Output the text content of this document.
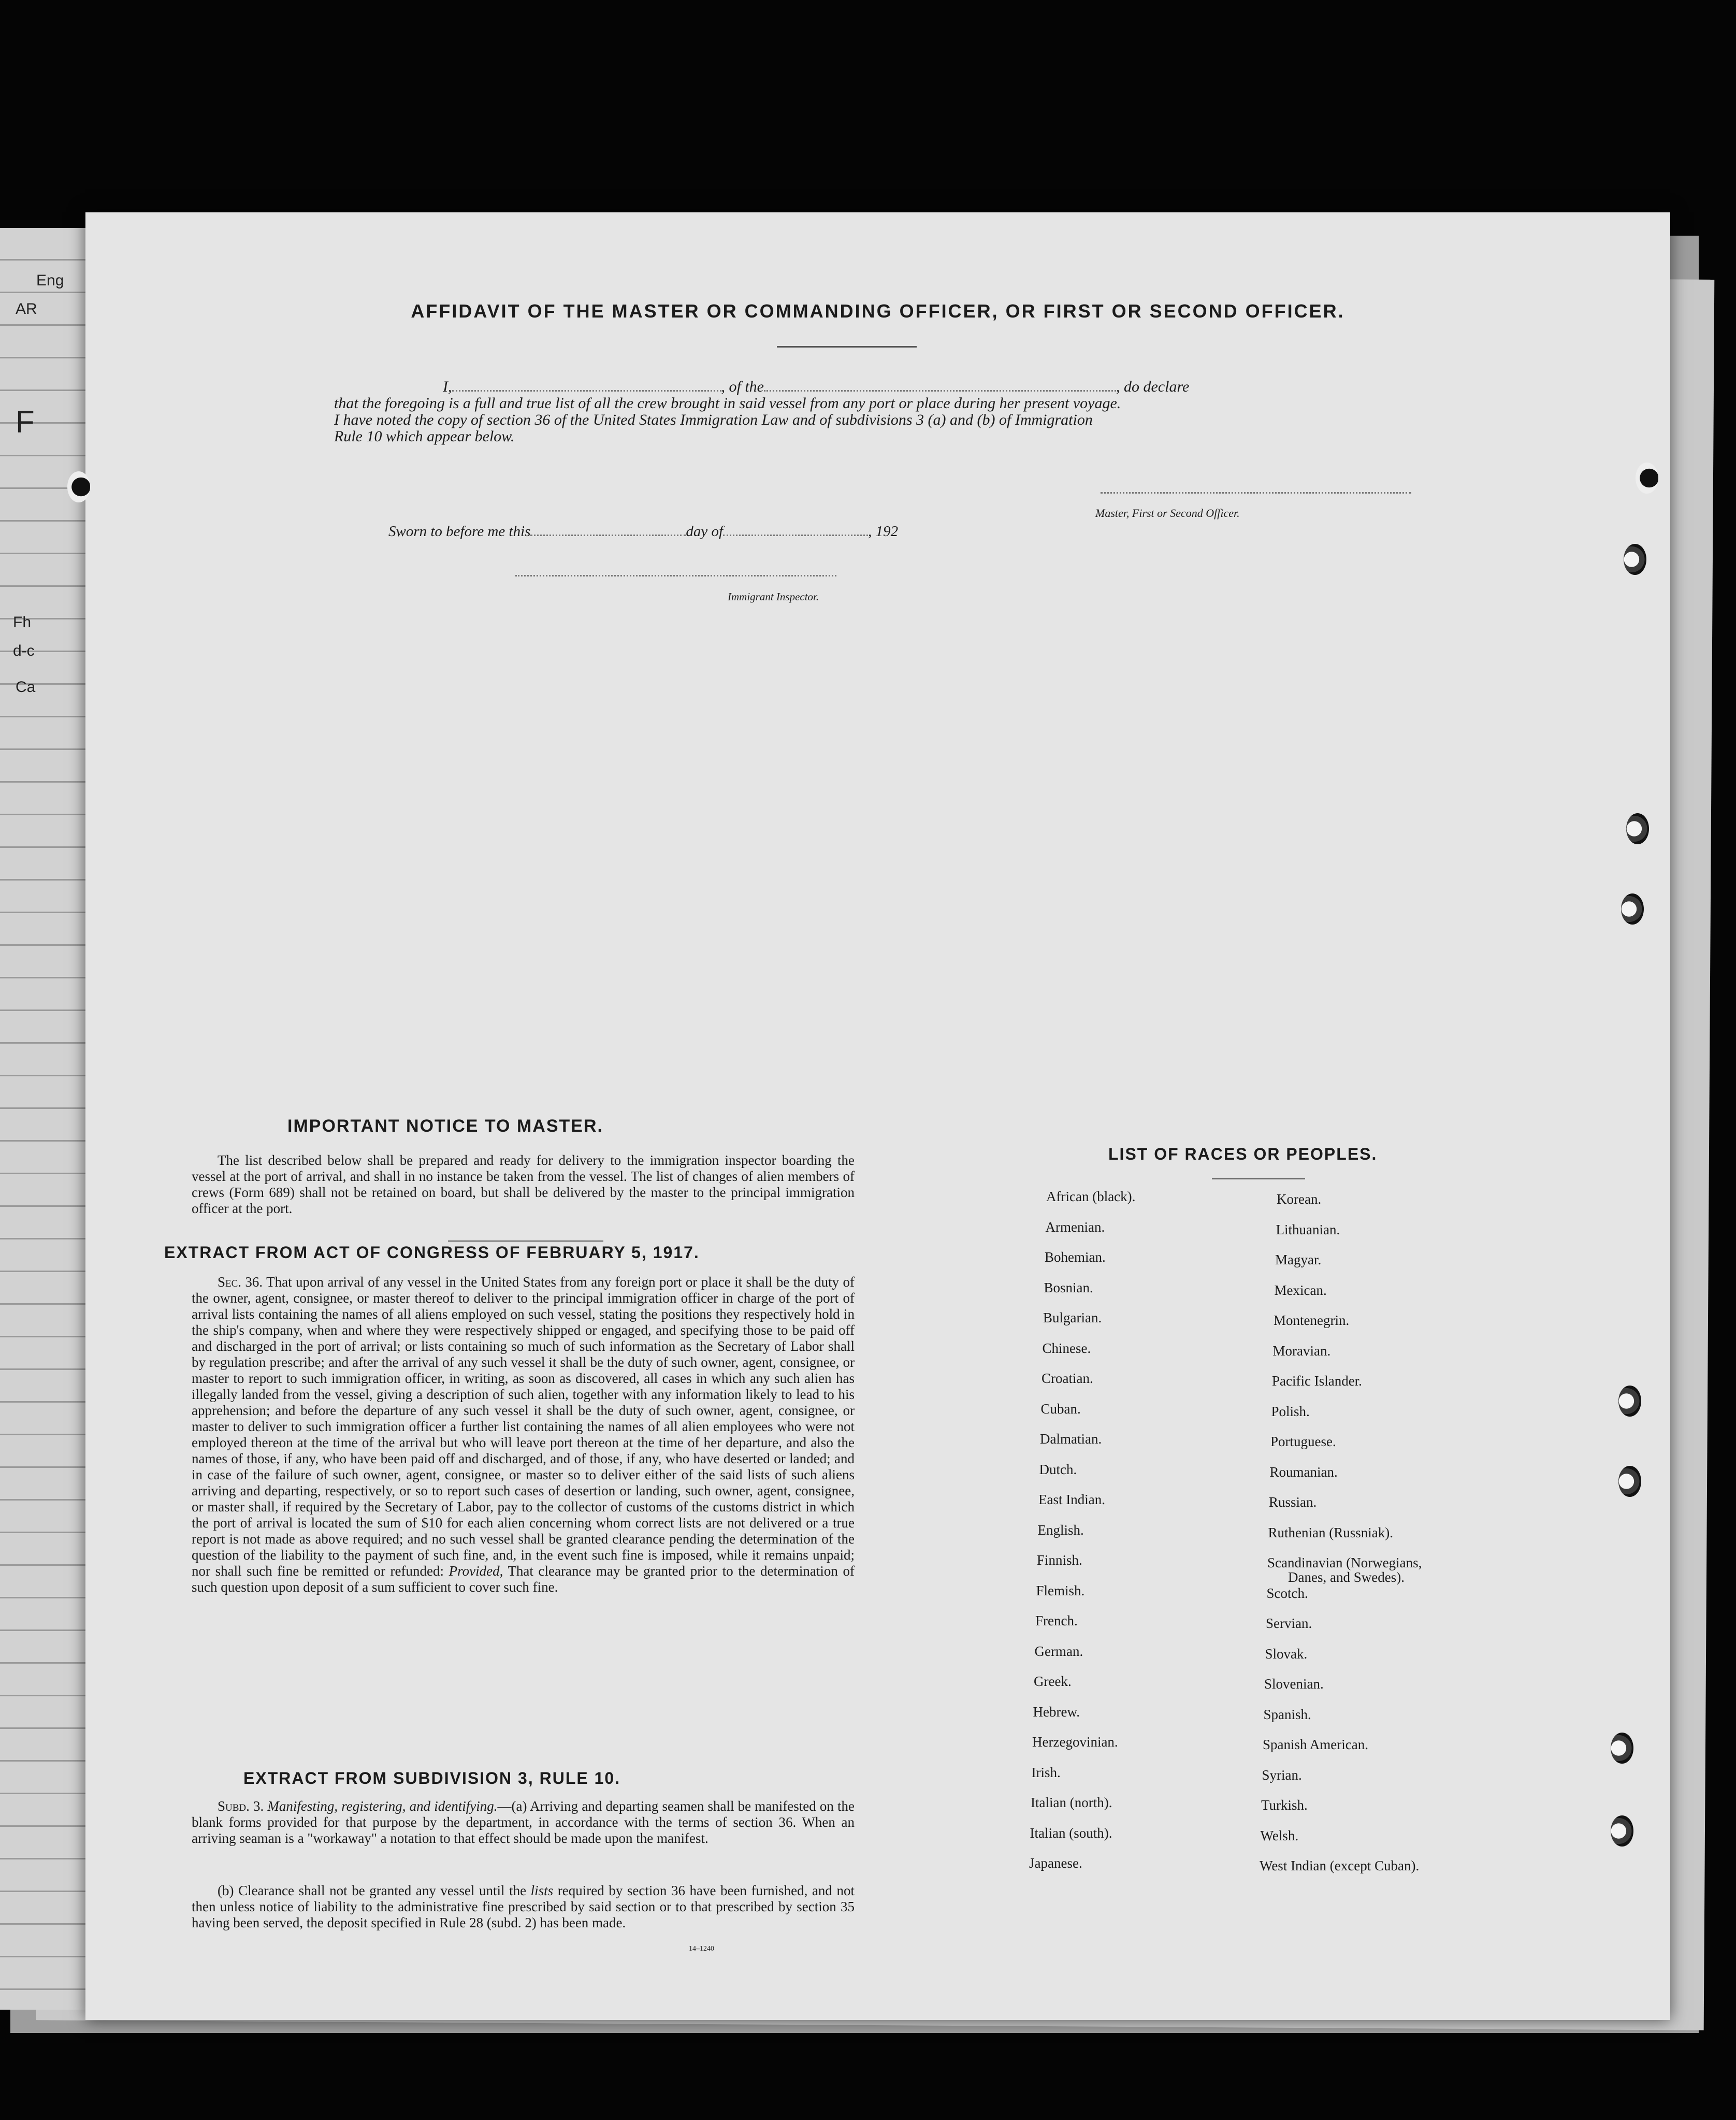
Eng
AR
F
Fh
d-c
Ca
AFFIDAVIT OF THE MASTER OR COMMANDING OFFICER, OR FIRST OR SECOND OFFICER.
I,	, of the	, do declare
that the foregoing is a full and true list of all the crew brought in said vessel from any port or place during her present voyage.
I have noted the copy of section 36 of the United States Immigration Law and of subdivisions 3 (a) and (b) of Immigration
Rule 10 which appear below.
Master, First or Second Officer.
Sworn to before me this	day of	, 192
Immigrant Inspector.
IMPORTANT NOTICE TO MASTER.
The list described below shall be prepared and ready for delivery to the immigration inspector boarding the vessel at the port of arrival, and shall in no instance be taken from the vessel. The list of changes of alien members of crews (Form 689) shall not be retained on board, but shall be delivered by the master to the principal immigration officer at the port.
EXTRACT FROM ACT OF CONGRESS OF FEBRUARY 5, 1917.
Sec. 36. That upon arrival of any vessel in the United States from any foreign port or place it shall be the duty of the owner, agent, consignee, or master thereof to deliver to the principal immigration officer in charge of the port of arrival lists containing the names of all aliens employed on such vessel, stating the positions they respectively hold in the ship's company, when and where they were respectively shipped or engaged, and specifying those to be paid off and discharged in the port of arrival; or lists containing so much of such information as the Secretary of Labor shall by regulation prescribe; and after the arrival of any such vessel it shall be the duty of such owner, agent, consignee, or master to report to such immigration officer, in writing, as soon as discovered, all cases in which any such alien has illegally landed from the vessel, giving a description of such alien, together with any information likely to lead to his apprehension; and before the departure of any such vessel it shall be the duty of such owner, agent, consignee, or master to deliver to such immigration officer a further list containing the names of all alien employees who were not employed thereon at the time of the arrival but who will leave port thereon at the time of her departure, and also the names of those, if any, who have been paid off and discharged, and of those, if any, who have deserted or landed; and in case of the failure of such owner, agent, consignee, or master so to deliver either of the said lists of such aliens arriving and departing, respectively, or so to report such cases of desertion or landing, such owner, agent, consignee, or master shall, if required by the Secretary of Labor, pay to the collector of customs of the customs district in which the port of arrival is located the sum of $10 for each alien concerning whom correct lists are not delivered or a true report is not made as above required; and no such vessel shall be granted clearance pending the determination of the question of the liability to the payment of such fine, and, in the event such fine is imposed, while it remains unpaid; nor shall such fine be remitted or refunded: Provided, That clearance may be granted prior to the determination of such question upon deposit of a sum sufficient to cover such fine.
EXTRACT FROM SUBDIVISION 3, RULE 10.
Subd. 3. Manifesting, registering, and identifying.—(a) Arriving and departing seamen shall be manifested on the blank forms provided for that purpose by the department, in accordance with the terms of section 36. When an arriving seaman is a "workaway" a notation to that effect should be made upon the manifest.
(b) Clearance shall not be granted any vessel until the lists required by section 36 have been furnished, and not then unless notice of liability to the administrative fine prescribed by said section or to that prescribed by section 35 having been served, the deposit specified in Rule 28 (subd. 2) has been made.
14–1240
LIST OF RACES OR PEOPLES.
African (black).
Armenian.
Bohemian.
Bosnian.
Bulgarian.
Chinese.
Croatian.
Cuban.
Dalmatian.
Dutch.
East Indian.
English.
Finnish.
Flemish.
French.
German.
Greek.
Hebrew.
Herzegovinian.
Irish.
Italian (north).
Italian (south).
Japanese.
Korean.
Lithuanian.
Magyar.
Mexican.
Montenegrin.
Moravian.
Pacific Islander.
Polish.
Portuguese.
Roumanian.
Russian.
Ruthenian (Russniak).
Scandinavian (Norwegians,
Danes, and Swedes).
Scotch.
Servian.
Slovak.
Slovenian.
Spanish.
Spanish American.
Syrian.
Turkish.
Welsh.
West Indian (except Cuban).
